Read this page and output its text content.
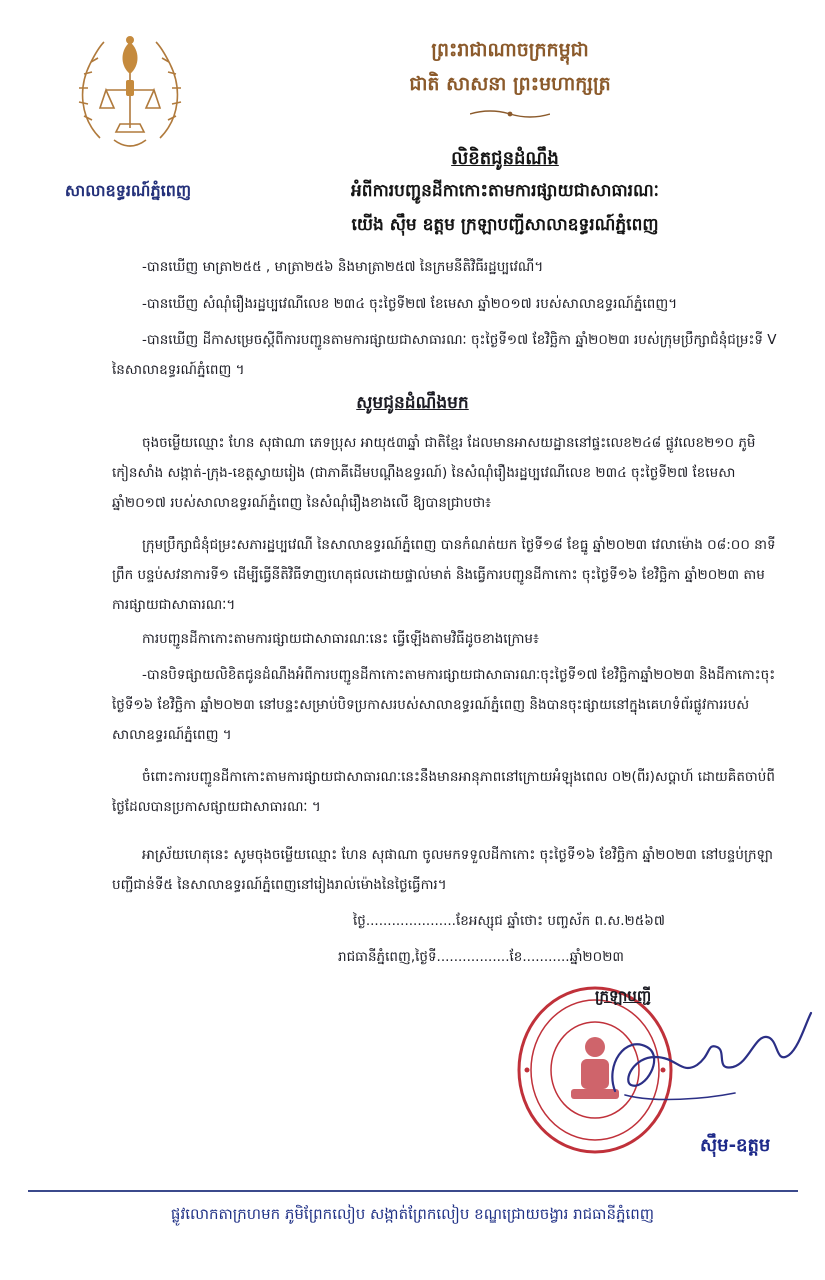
សាលាឧទ្ធរណ៍ភ្នំពេញ
ព្រះរាជាណាចក្រកម្ពុជា
ជាតិ សាសនា ព្រះមហាក្សត្រ
លិខិតជូនដំណឹង
អំពីការបញ្ជូនដីកាកោះតាមការផ្សាយជាសាធារណៈ
យើង ស៊ឹម ឧត្តម ក្រឡាបញ្ជីសាលាឧទ្ធរណ៍ភ្នំពេញ
-បានឃើញ មាត្រា២៥៥ , មាត្រា២៥៦ និងមាត្រា២៥៧ នៃក្រមនីតិវិធីរដ្ឋប្បវេណី។
-បានឃើញ សំណុំរឿងរដ្ឋប្បវេណីលេខ ២៣៤ ចុះថ្ងៃទី២៧ ខែមេសា ឆ្នាំ២០១៧ របស់សាលាឧទ្ធរណ៍ភ្នំពេញ។
-បានឃើញ ដីកាសម្រេចស្តីពីការបញ្ជូនតាមការផ្សាយជាសាធារណៈ ចុះថ្ងៃទី១៧ ខែវិច្ឆិកា ឆ្នាំ២០២៣ របស់ក្រុមប្រឹក្សាជំនុំជម្រះទី V នៃសាលាឧទ្ធរណ៍ភ្នំពេញ ។
សូមជូនដំណឹងមក
ចុងចម្លើយឈ្មោះ ហែន សុផាណា ភេទប្រុស អាយុ៥៣ឆ្នាំ ជាតិខ្មែរ ដែលមានអាសយដ្ឋាននៅផ្ទះលេខ២៤៨ ផ្លូវលេខ២១០ ភូមិកៀនសាំង សង្កាត់-ក្រុង-ខេត្តស្វាយរៀង (ជាភាគីដើមបណ្តឹងឧទ្ធរណ៍) នៃសំណុំរឿងរដ្ឋប្បវេណីលេខ ២៣៤ ចុះថ្ងៃទី២៧ ខែមេសា ឆ្នាំ២០១៧ របស់សាលាឧទ្ធរណ៍ភ្នំពេញ នៃសំណុំរឿងខាងលើ ឱ្យបានជ្រាបថា៖
ក្រុមប្រឹក្សាជំនុំជម្រះសភារដ្ឋប្បវេណី នៃសាលាឧទ្ធរណ៍ភ្នំពេញ បានកំណត់យក ថ្ងៃទី១៨ ខែធ្នូ ឆ្នាំ២០២៣ វេលាម៉ោង ០៨:០០ នាទីព្រឹក បន្ទប់សវនាការទី១ ដើម្បីធ្វើនីតិវិធីទាញហេតុផលដោយផ្ទាល់មាត់ និងធ្វើការបញ្ជូនដីកាកោះ ចុះថ្ងៃទី១៦ ខែវិច្ឆិកា ឆ្នាំ២០២៣ តាមការផ្សាយជាសាធារណៈ។
ការបញ្ជូនដីកាកោះតាមការផ្សាយជាសាធារណៈនេះ ធ្វើឡើងតាមវិធីដូចខាងក្រោម៖
-បានបិទផ្សាយលិខិតជូនដំណឹងអំពីការបញ្ជូនដីកាកោះតាមការផ្សាយជាសាធារណៈចុះថ្ងៃទី១៧ ខែវិច្ឆិកាឆ្នាំ២០២៣ និងដីកាកោះចុះថ្ងៃទី១៦ ខែវិច្ឆិកា ឆ្នាំ២០២៣ នៅបន្ទះសម្រាប់បិទប្រកាសរបស់សាលាឧទ្ធរណ៍ភ្នំពេញ និងបានចុះផ្សាយនៅក្នុងគេហទំព័រផ្លូវការរបស់សាលាឧទ្ធរណ៍ភ្នំពេញ ។
ចំពោះការបញ្ជូនដីកាកោះតាមការផ្សាយជាសាធារណៈនេះនឹងមានអានុភាពនៅក្រោយអំឡុងពេល ០២(ពីរ)សប្តាហ៍ ដោយគិតចាប់ពីថ្ងៃដែលបានប្រកាសផ្សាយជាសាធារណៈ ។
អាស្រ័យហេតុនេះ សូមចុងចម្លើយឈ្មោះ ហែន សុផាណា ចូលមកទទួលដីកាកោះ ចុះថ្ងៃទី១៦ ខែវិច្ឆិកា ឆ្នាំ២០២៣ នៅបន្ទប់ក្រឡាបញ្ជីជាន់ទី៥ នៃសាលាឧទ្ធរណ៍ភ្នំពេញនៅរៀងរាល់ម៉ោងនៃថ្ងៃធ្វើការ។
ថ្ងៃ.....................ខែអស្សុជ ឆ្នាំថោះ បញ្ចស័ក ព.ស.២៥៦៧
រាជធានីភ្នំពេញ,ថ្ងៃទី.................ខែ...........ឆ្នាំ២០២៣
ក្រឡាបញ្ជី
ស៊ឹម-ឧត្តម
ផ្លូវលោកតាក្រហមក ភូមិព្រែកលៀប សង្កាត់ព្រែកលៀប ខណ្ឌជ្រោយចង្វារ រាជធានីភ្នំពេញ
